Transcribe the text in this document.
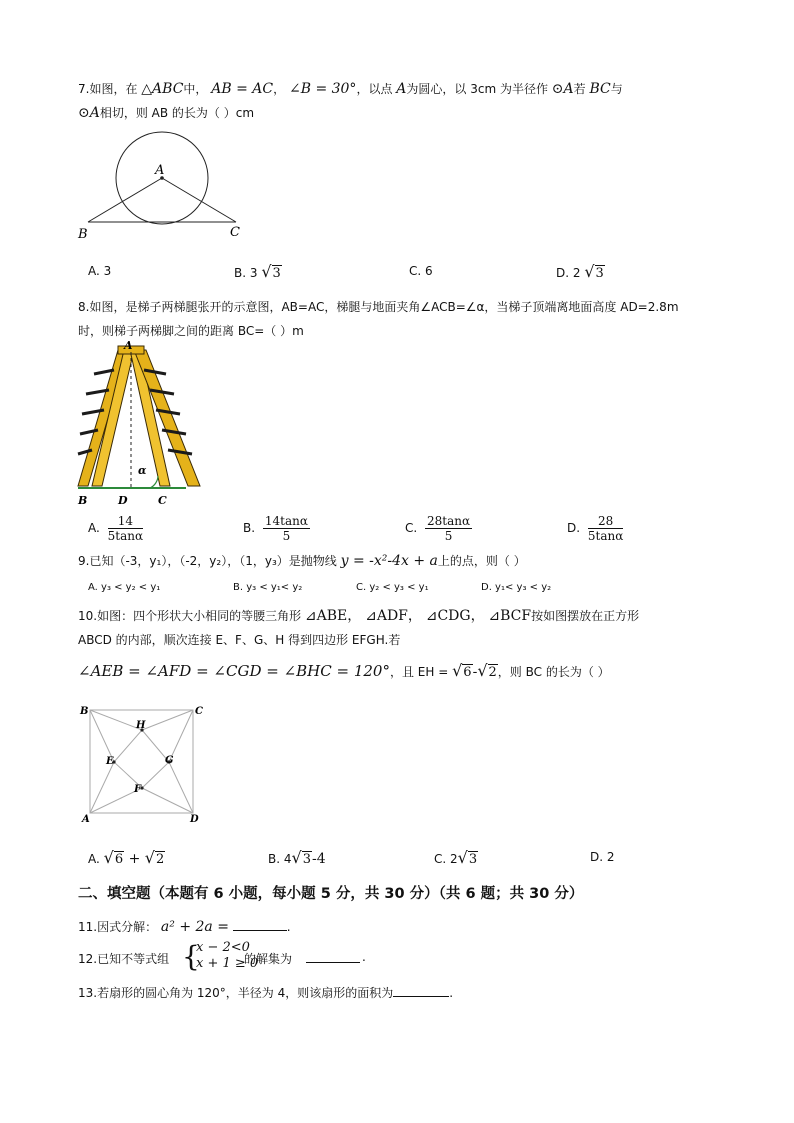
7.如图，在 △ABC中， AB = AC， ∠B = 30°，以点 A为圆心，以 3cm 为半径作 ⊙A若 BC与
⊙A相切，则 AB 的长为（ ）cm
A
B	C
A. 3	B. 3 √3	C. 6	D. 2 √3
8.如图，是梯子两梯腿张开的示意图，AB=AC，梯腿与地面夹角∠ACB=∠α，当梯子顶端离地面高度 AD=2.8m
时，则梯子两梯脚之间的距离 BC=（ ）m
A
B	D	C
α
A. $\frac{14}{5\tan\alpha}$	B. $\frac{14\tan\alpha}{5}$	C. $\frac{28\tan\alpha}{5}$	D. $\frac{28}{5\tan\alpha}$
9.已知（-3，y₁），（-2，y₂），（1，y₃）是抛物线 y = -x²-4x + a上的点，则（ ）
A. y₃ < y₂ < y₁	B. y₃ < y₁< y₂	C. y₂ < y₃ < y₁	D. y₁< y₃ < y₂
10.如图：四个形状大小相同的等腰三角形 ⊿ABE， ⊿ADF， ⊿CDG， ⊿BCF按如图摆放在正方形
ABCD 的内部，顺次连接 E、F、G、H 得到四边形 EFGH.若
∠AEB = ∠AFD = ∠CGD = ∠BHC = 120°，且 EH = √6-√2，则 BC 的长为（ ）
B	C
A	D
H
E	G
F
A. √6 + √2	B. 4√3-4	C. 2√3	D. 2
二、填空题（本题有 6 小题，每小题 5 分，共 30 分）（共 6 题；共 30 分）
11.因式分解： a² + 2a =	.
12.已知不等式组 {
x − 2<0
x + 1 ≥ 0
的解集为	.
13.若扇形的圆心角为 120°，半径为 4，则该扇形的面积为	.
